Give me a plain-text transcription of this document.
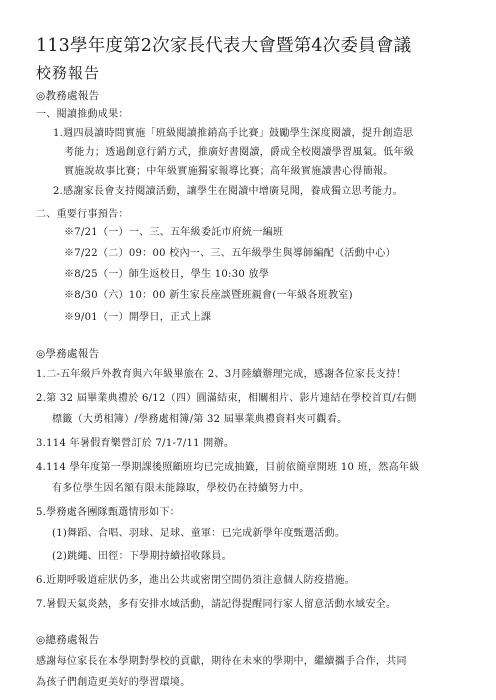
113學年度第2次家長代表大會暨第4次委員會議
校務報告
◎教務處報告
一、閱讀推動成果：
1.週四晨讀時間實施「班級閱讀推銷高手比賽」鼓勵學生深度閱讀，提升創造思
考能力；透過創意行銷方式，推廣好書閱讀，爵成全校閱讀學習風氣。低年級
實施說故事比賽；中年級實施獨家報導比賽；高年級實施讀書心得簡報。
2.感謝家長會支持閱讀活動，讓學生在閱讀中增廣見聞，養成獨立思考能力。
二、重要行事預告：
※7/21（一）一、三、五年級委託市府統一編班
※7/22（二）09：00 校內一、三、五年級學生與導師編配（活動中心）
※8/25（一）師生返校日，學生 10:30 放學
※8/30（六）10：00 新生家長座談暨班親會(一年級各班教室)
※9/01（一）開學日，正式上課
◎學務處報告
1.二-五年級戶外教育與六年級畢旅在 2、3月陸續辦理完成，感謝各位家長支持！
2.第 32 屆畢業典禮於 6/12（四）圓滿結束，相關相片、影片連結在學校首頁/右側
標籤（大勇相簿）/學務處相簿/第 32 屆畢業典禮資料夾可觀看。
3.114 年暑假育樂營訂於 7/1-7/11 開辦。
4.114 學年度第一學期課後照顧班均已完成抽籤，目前依簡章開班 10 班，然高年級
有多位學生因名額有限未能錄取，學校仍在持續努力中。
5.學務處各團隊甄選情形如下：
(1)舞蹈、合唱、羽球、足球、童軍：已完成新學年度甄選活動。
(2)跳繩、田徑：下學期持續招收隊員。
6.近期呼吸道症狀仍多，進出公共或密閉空間仍須注意個人防疫措施。
7.暑假天氣炎熱，多有安排水域活動，請記得提醒同行家人留意活動水域安全。
◎總務處報告
感謝每位家長在本學期對學校的貢獻，期待在未來的學期中，繼續攜手合作，共同
為孩子們創造更美好的學習環境。
